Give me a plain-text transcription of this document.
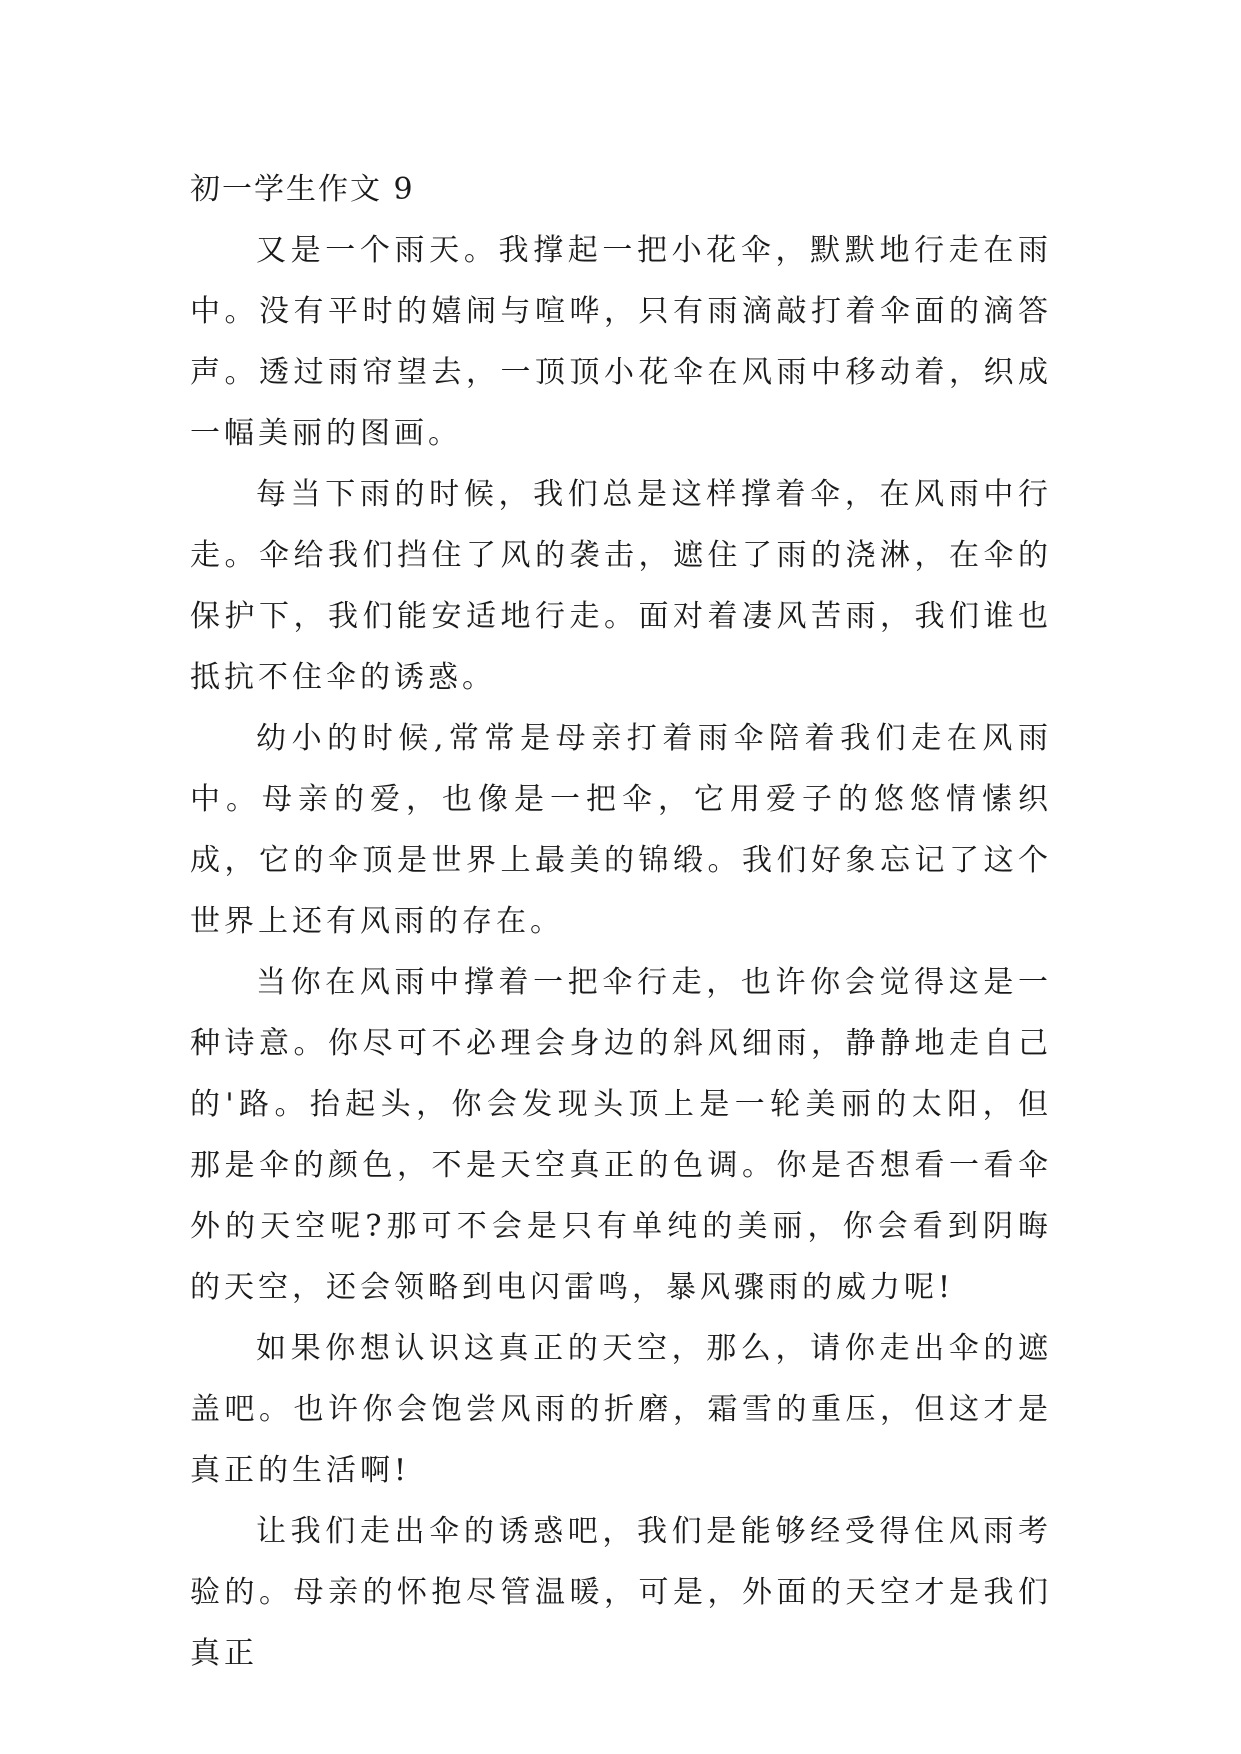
初一学生作文 9

又是一个雨天。我撑起一把小花伞，默默地行走在雨中。没有平时的嬉闹与喧哗，只有雨滴敲打着伞面的滴答声。透过雨帘望去，一顶顶小花伞在风雨中移动着，织成一幅美丽的图画。

每当下雨的时候，我们总是这样撑着伞，在风雨中行走。伞给我们挡住了风的袭击，遮住了雨的浇淋，在伞的保护下，我们能安适地行走。面对着凄风苦雨，我们谁也抵抗不住伞的诱惑。

幼小的时候,常常是母亲打着雨伞陪着我们走在风雨中。母亲的爱，也像是一把伞，它用爱子的悠悠情愫织成，它的伞顶是世界上最美的锦缎。我们好象忘记了这个世界上还有风雨的存在。

当你在风雨中撑着一把伞行走，也许你会觉得这是一种诗意。你尽可不必理会身边的斜风细雨，静静地走自己的'路。抬起头，你会发现头顶上是一轮美丽的太阳，但那是伞的颜色，不是天空真正的色调。你是否想看一看伞外的天空呢?那可不会是只有单纯的美丽，你会看到阴晦的天空，还会领略到电闪雷鸣，暴风骤雨的威力呢!

如果你想认识这真正的天空，那么，请你走出伞的遮盖吧。也许你会饱尝风雨的折磨，霜雪的重压，但这才是真正的生活啊!

让我们走出伞的诱惑吧，我们是能够经受得住风雨考验的。母亲的怀抱尽管温暖，可是，外面的天空才是我们真正
